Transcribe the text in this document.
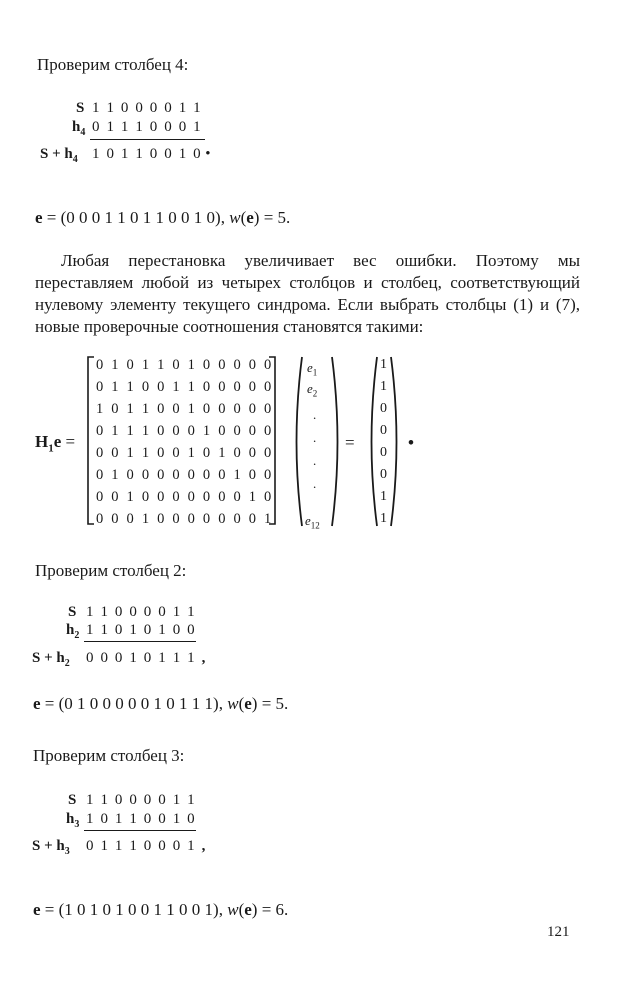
Проверим столбец 4:
S 1 1 0 0 0 0 1 1
$h_4$ 0 1 1 1 0 0 0 1
$S + h_4$ 1 0 1 1 0 0 1 0 •
e = (0 0 0 1 1 0 1 1 0 0 1 0), w(e) = 5.
Любая перестановка увеличивает вес ошибки. Поэтому мы переставляем любой из четырех столбцов и столбец, соответствующий нулевому элементу текущего синдрома. Если выбрать столбцы (1) и (7), новые проверочные соотношения становятся такими:
$H_1e$ =
0 1 0 1 1 0 1 0 0 0 0 0
0 1 1 0 0 1 1 0 0 0 0 0
1 0 1 1 0 0 1 0 0 0 0 0
0 1 1 1 0 0 0 1 0 0 0 0
0 0 1 1 0 0 1 0 1 0 0 0
0 1 0 0 0 0 0 0 0 1 0 0
0 0 1 0 0 0 0 0 0 0 1 0
0 0 0 1 0 0 0 0 0 0 0 1
$e_1$
$e_2$
.
.
.
.
$e_{12}$
=
1
1
0
0
0
0
1
1
•
Проверим столбец 2:
S 1 1 0 0 0 0 1 1
$h_2$ 1 1 0 1 0 1 0 0
$S + h_2$ 0 0 0 1 0 1 1 1 ,
e = (0 1 0 0 0 0 0 1 0 1 1 1), w(e) = 5.
Проверим столбец 3:
S 1 1 0 0 0 0 1 1
$h_3$ 1 0 1 1 0 0 1 0
$S + h_3$ 0 1 1 1 0 0 0 1 ,
e = (1 0 1 0 1 0 0 1 1 0 0 1), w(e) = 6.
121
